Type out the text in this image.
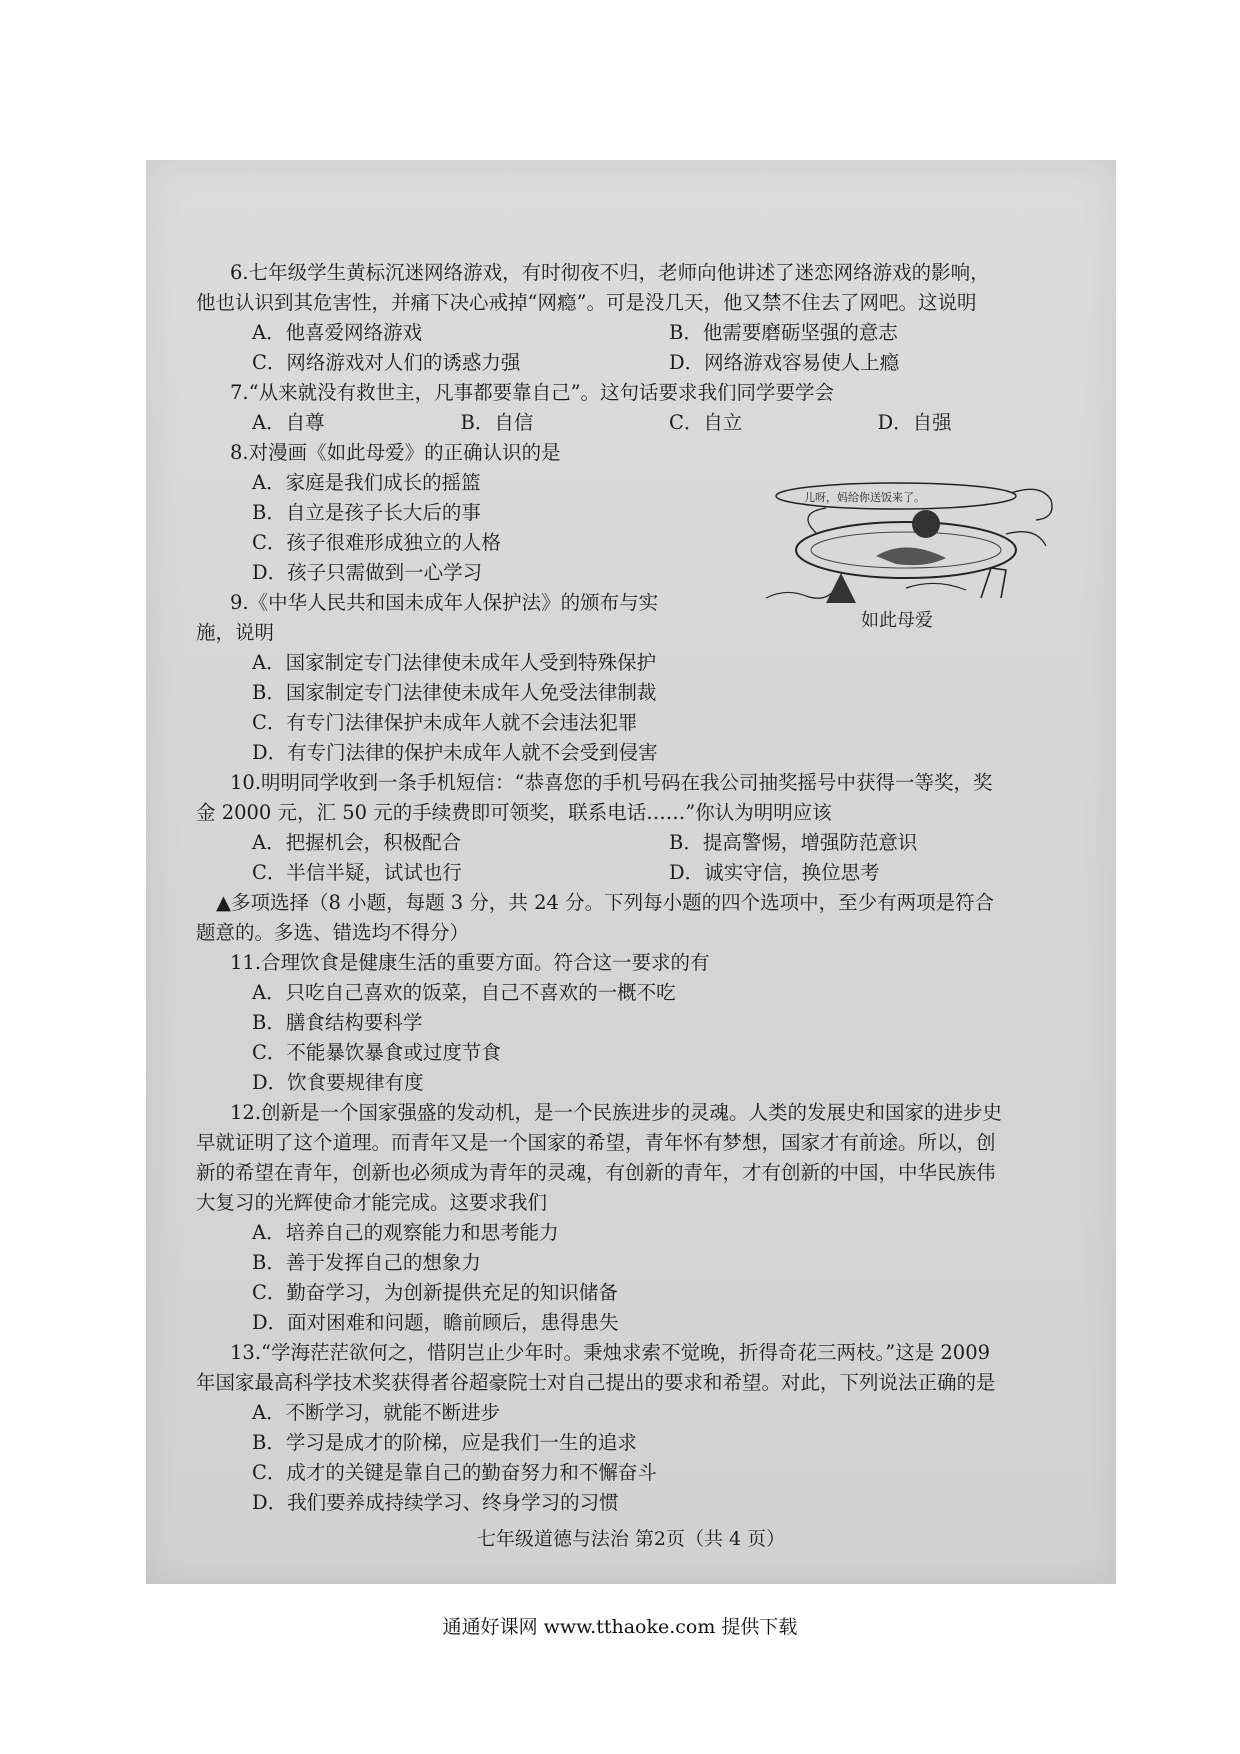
6.七年级学生黄标沉迷网络游戏，有时彻夜不归，老师向他讲述了迷恋网络游戏的影响，

他也认识到其危害性，并痛下决心戒掉“网瘾”。可是没几天，他又禁不住去了网吧。这说明

A．他喜爱网络游戏	B．他需要磨砺坚强的意志
C．网络游戏对人们的诱惑力强	D．网络游戏容易使人上瘾

7.“从来就没有救世主，凡事都要靠自己”。这句话要求我们同学要学会

A．自尊	B．自信	C．自立	D．自强

8.对漫画《如此母爱》的正确认识的是

A．家庭是我们成长的摇篮

B．自立是孩子长大后的事

C．孩子很难形成独立的人格

D．孩子只需做到一心学习

儿呀，妈给你送饭来了。
如此母爱

9.《中华人民共和国未成年人保护法》的颁布与实

施，说明

A．国家制定专门法律使未成年人受到特殊保护

B．国家制定专门法律使未成年人免受法律制裁

C．有专门法律保护未成年人就不会违法犯罪

D．有专门法律的保护未成年人就不会受到侵害

10.明明同学收到一条手机短信：“恭喜您的手机号码在我公司抽奖摇号中获得一等奖，奖

金 2000 元，汇 50 元的手续费即可领奖，联系电话……”你认为明明应该

A．把握机会，积极配合	B．提高警惕，增强防范意识
C．半信半疑，试试也行	D．诚实守信，换位思考

▲多项选择（8 小题，每题 3 分，共 24 分。下列每小题的四个选项中，至少有两项是符合

题意的。多选、错选均不得分）

11.合理饮食是健康生活的重要方面。符合这一要求的有

A．只吃自己喜欢的饭菜，自己不喜欢的一概不吃

B．膳食结构要科学

C．不能暴饮暴食或过度节食

D．饮食要规律有度

12.创新是一个国家强盛的发动机，是一个民族进步的灵魂。人类的发展史和国家的进步史

早就证明了这个道理。而青年又是一个国家的希望，青年怀有梦想，国家才有前途。所以，创

新的希望在青年，创新也必须成为青年的灵魂，有创新的青年，才有创新的中国，中华民族伟

大复习的光辉使命才能完成。这要求我们

A．培养自己的观察能力和思考能力

B．善于发挥自己的想象力

C．勤奋学习，为创新提供充足的知识储备

D．面对困难和问题，瞻前顾后，患得患失

13.“学海茫茫欲何之，惜阴岂止少年时。秉烛求索不觉晚，折得奇花三两枝。”这是 2009

年国家最高科学技术奖获得者谷超豪院士对自己提出的要求和希望。对此，下列说法正确的是

A．不断学习，就能不断进步

B．学习是成才的阶梯，应是我们一生的追求

C．成才的关键是靠自己的勤奋努力和不懈奋斗

D．我们要养成持续学习、终身学习的习惯

七年级道德与法治 第2页（共 4 页）
通通好课网 www.tthaoke.com 提供下载
